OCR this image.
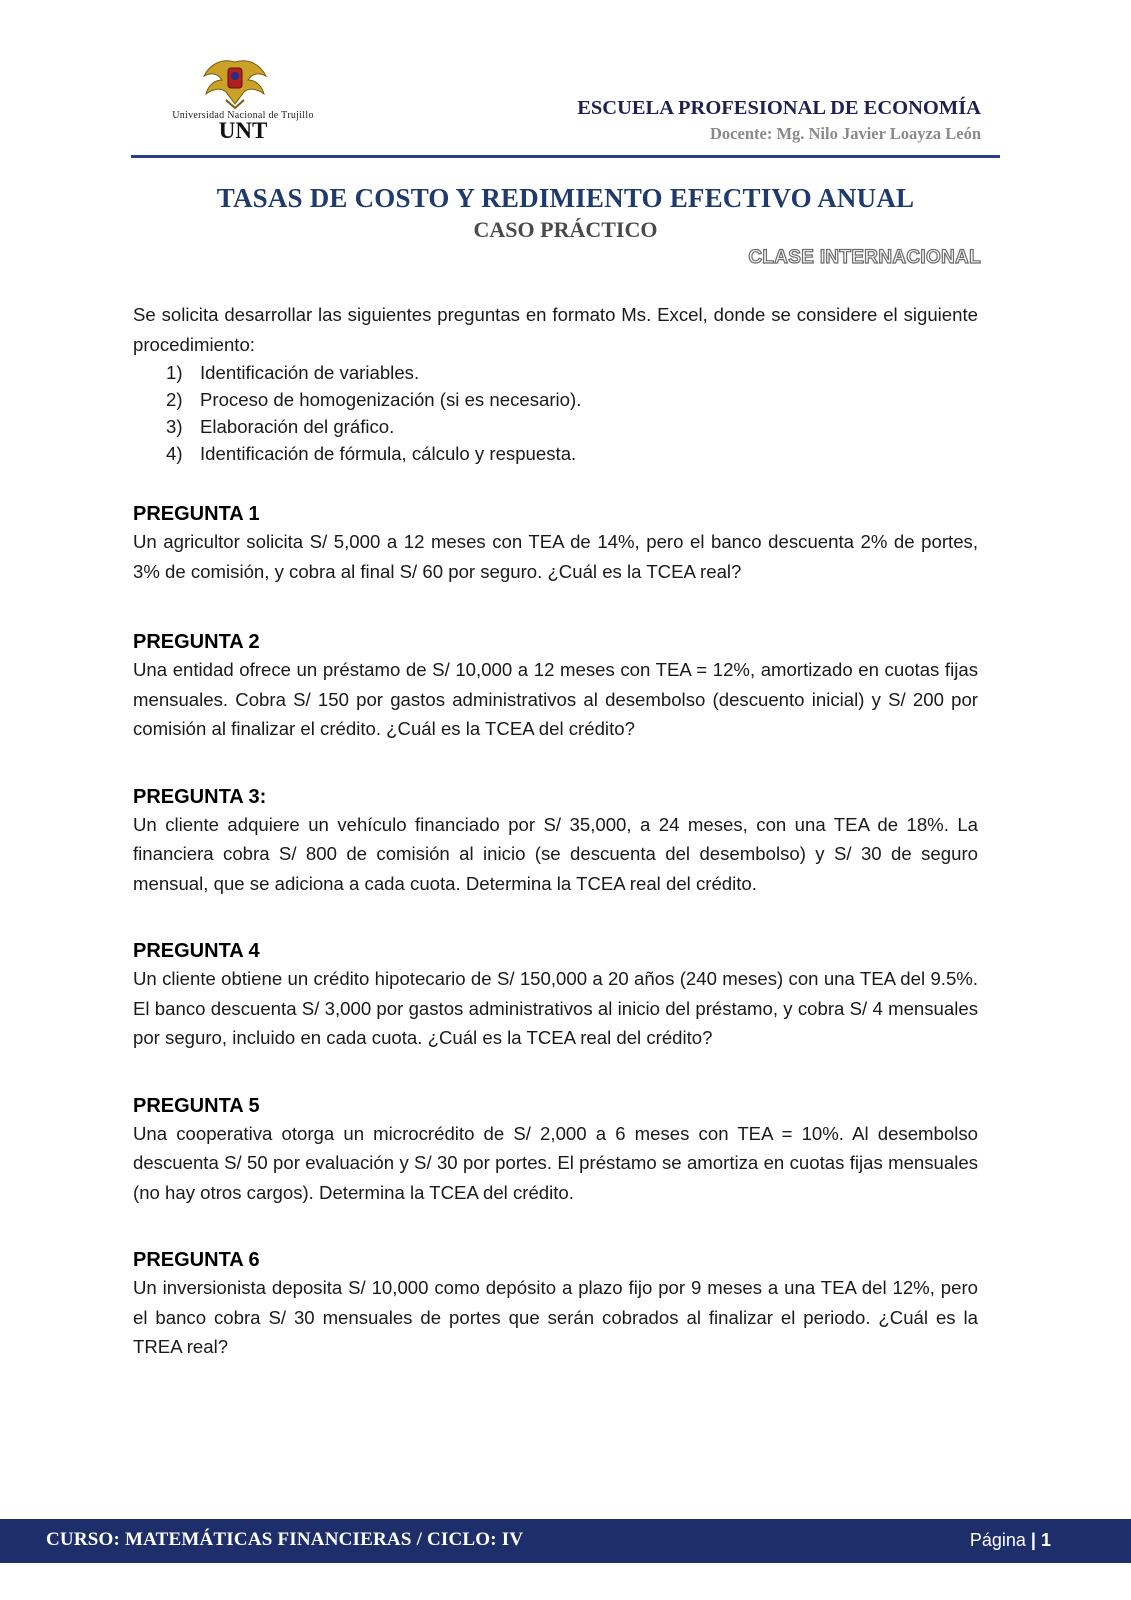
Universidad Nacional de Trujillo
UNT
ESCUELA PROFESIONAL DE ECONOMÍA
Docente: Mg. Nilo Javier Loayza León
TASAS DE COSTO Y REDIMIENTO EFECTIVO ANUAL
CASO PRÁCTICO
CLASE INTERNACIONAL

Se solicita desarrollar las siguientes preguntas en formato Ms. Excel, donde se considere el siguiente procedimiento:

1) Identificación de variables.
2) Proceso de homogenización (si es necesario).
3) Elaboración del gráfico.
4) Identificación de fórmula, cálculo y respuesta.

PREGUNTA 1

Un agricultor solicita S/ 5,000 a 12 meses con TEA de 14%, pero el banco descuenta 2% de portes, 3% de comisión, y cobra al final S/ 60 por seguro. ¿Cuál es la TCEA real?

PREGUNTA 2

Una entidad ofrece un préstamo de S/ 10,000 a 12 meses con TEA = 12%, amortizado en cuotas fijas mensuales. Cobra S/ 150 por gastos administrativos al desembolso (descuento inicial) y S/ 200 por comisión al finalizar el crédito. ¿Cuál es la TCEA del crédito?

PREGUNTA 3:

Un cliente adquiere un vehículo financiado por S/ 35,000, a 24 meses, con una TEA de 18%. La financiera cobra S/ 800 de comisión al inicio (se descuenta del desembolso) y S/ 30 de seguro mensual, que se adiciona a cada cuota. Determina la TCEA real del crédito.

PREGUNTA 4

Un cliente obtiene un crédito hipotecario de S/ 150,000 a 20 años (240 meses) con una TEA del 9.5%. El banco descuenta S/ 3,000 por gastos administrativos al inicio del préstamo, y cobra S/ 4 mensuales por seguro, incluido en cada cuota. ¿Cuál es la TCEA real del crédito?

PREGUNTA 5

Una cooperativa otorga un microcrédito de S/ 2,000 a 6 meses con TEA = 10%. Al desembolso descuenta S/ 50 por evaluación y S/ 30 por portes. El préstamo se amortiza en cuotas fijas mensuales (no hay otros cargos). Determina la TCEA del crédito.

PREGUNTA 6

Un inversionista deposita S/ 10,000 como depósito a plazo fijo por 9 meses a una TEA del 12%, pero el banco cobra S/ 30 mensuales de portes que serán cobrados al finalizar el periodo. ¿Cuál es la TREA real?

CURSO: MATEMÁTICAS FINANCIERAS / CICLO: IV	Página | 1
